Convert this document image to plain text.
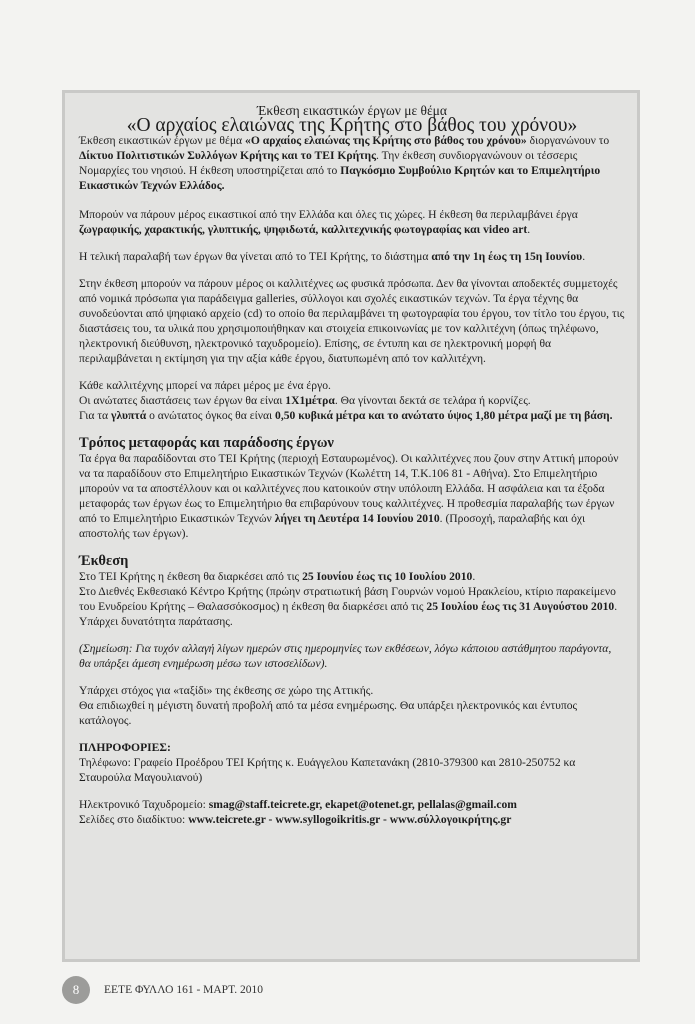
Έκθεση εικαστικών έργων με θέμα

«Ο αρχαίος ελαιώνας της Κρήτης στο βάθος του χρόνου»

Έκθεση εικαστικών έργων με θέμα «Ο αρχαίος ελαιώνας της Κρήτης στο βάθος του χρόνου» διοργανώνουν το Δίκτυο Πολιτιστικών Συλλόγων Κρήτης και το ΤΕΙ Κρήτης. Την έκθεση συνδιοργανώνουν οι τέσσερις Νομαρχίες του νησιού. Η έκθεση υποστηρίζεται από το Παγκόσμιο Συμβούλιο Κρητών και το Επιμελητήριο Εικαστικών Τεχνών Ελλάδος.

Μπορούν να πάρουν μέρος εικαστικοί από την Ελλάδα και όλες τις χώρες. Η έκθεση θα περιλαμβάνει έργα ζωγραφικής, χαρακτικής, γλυπτικής, ψηφιδωτά, καλλιτεχνικής φωτογραφίας και video art.

Η τελική παραλαβή των έργων θα γίνεται από το ΤΕΙ Κρήτης, το διάστημα από την 1η έως τη 15η Ιουνίου.

Στην έκθεση μπορούν να πάρουν μέρος οι καλλιτέχνες ως φυσικά πρόσωπα. Δεν θα γίνονται αποδεκτές συμμετοχές από νομικά πρόσωπα για παράδειγμα galleries, σύλλογοι και σχολές εικαστικών τεχνών. Τα έργα τέχνης θα συνοδεύονται από ψηφιακό αρχείο (cd) το οποίο θα περιλαμβάνει τη φωτογραφία του έργου, τον τίτλο του έργου, τις διαστάσεις του, τα υλικά που χρησιμοποιήθηκαν και στοιχεία επικοινωνίας με τον καλλιτέχνη (όπως τηλέφωνο, ηλεκτρονική διεύθυνση, ηλεκτρονικό ταχυδρομείο). Επίσης, σε έντυπη και σε ηλεκτρονική μορφή θα περιλαμβάνεται η εκτίμηση για την αξία κάθε έργου, διατυπωμένη από τον καλλιτέχνη.

Κάθε καλλιτέχνης μπορεί να πάρει μέρος με ένα έργο.
Οι ανώτατες διαστάσεις των έργων θα είναι 1Χ1μέτρα. Θα γίνονται δεκτά σε τελάρα ή κορνίζες.
Για τα γλυπτά ο ανώτατος όγκος θα είναι 0,50 κυβικά μέτρα και το ανώτατο ύψος 1,80 μέτρα μαζί με τη βάση.

Τρόπος μεταφοράς και παράδοσης έργων

Τα έργα θα παραδίδονται στο ΤΕΙ Κρήτης (περιοχή Εσταυρωμένος). Οι καλλιτέχνες που ζουν στην Αττική μπορούν να τα παραδίδουν στο Επιμελητήριο Εικαστικών Τεχνών (Κωλέττη 14, Τ.Κ.106 81 - Αθήνα). Στο Επιμελητήριο μπορούν να τα αποστέλλουν και οι καλλιτέχνες που κατοικούν στην υπόλοιπη Ελλάδα. Η ασφάλεια και τα έξοδα μεταφοράς των έργων έως το Επιμελητήριο θα επιβαρύνουν τους καλλιτέχνες. Η προθεσμία παραλαβής των έργων από το Επιμελητήριο Εικαστικών Τεχνών λήγει τη Δευτέρα 14 Ιουνίου 2010. (Προσοχή, παραλαβής και όχι αποστολής των έργων).

Έκθεση

Στο ΤΕΙ Κρήτης η έκθεση θα διαρκέσει από τις 25 Ιουνίου έως τις 10 Ιουλίου 2010.
Στο Διεθνές Εκθεσιακό Κέντρο Κρήτης (πρώην στρατιωτική βάση Γουρνών νομού Ηρακλείου, κτίριο παρακείμενο του Ενυδρείου Κρήτης – Θαλασσόκοσμος) η έκθεση θα διαρκέσει από τις 25 Ιουλίου έως τις 31 Αυγούστου 2010. Υπάρχει δυνατότητα παράτασης.

(Σημείωση: Για τυχόν αλλαγή λίγων ημερών στις ημερομηνίες των εκθέσεων, λόγω κάποιου αστάθμητου παράγοντα, θα υπάρξει άμεση ενημέρωση μέσω των ιστοσελίδων).

Υπάρχει στόχος για «ταξίδι» της έκθεσης σε χώρο της Αττικής.
Θα επιδιωχθεί η μέγιστη δυνατή προβολή από τα μέσα ενημέρωσης. Θα υπάρξει ηλεκτρονικός και έντυπος κατάλογος.

ΠΛΗΡΟΦΟΡΙΕΣ:

Τηλέφωνο: Γραφείο Προέδρου ΤΕΙ Κρήτης κ. Ευάγγελου Καπετανάκη (2810-379300 και 2810-250752 κα Σταυρούλα Μαγουλιανού)

Ηλεκτρονικό Ταχυδρομείο: smag@staff.teicrete.gr, ekapet@otenet.gr, pellalas@gmail.com

Σελίδες στο διαδίκτυο: www.teicrete.gr - www.syllogoikritis.gr - www.σύλλογοικρήτης.gr

8	ΕΕΤΕ ΦΥΛΛΟ 161 - ΜΑΡΤ. 2010
